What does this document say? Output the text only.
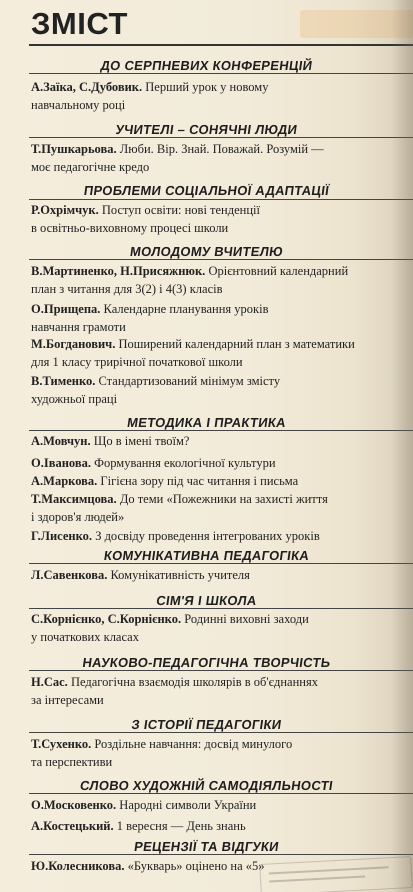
ЗМІСТ
ДО СЕРПНЕВИХ КОНФЕРЕНЦІЙ
А.Заїка, С.Дубовик. Перший урок у новому
навчальному році
УЧИТЕЛІ – СОНЯЧНІ ЛЮДИ
Т.Пушкарьова. Люби. Вір. Знай. Поважай. Розумій —
моє педагогічне кредо
ПРОБЛЕМИ СОЦІАЛЬНОЇ АДАПТАЦІЇ
Р.Охрімчук. Поступ освіти: нові тенденції
в освітньо-виховному процесі школи
МОЛОДОМУ ВЧИТЕЛЮ
В.Мартиненко, Н.Присяжнюк. Орієнтовний календарний
план з читання для 3(2) і 4(3) класів
О.Прищепа. Календарне планування уроків
навчання грамоти
М.Богданович. Поширений календарний план з математики
для 1 класу трирічної початкової школи
В.Тименко. Стандартизований мінімум змісту
художньої праці
МЕТОДИКА І ПРАКТИКА
А.Мовчун. Що в імені твоїм?
О.Іванова. Формування екологічної культури
А.Маркова. Гігієна зору під час читання і письма
Т.Максимцова. До теми «Пожежники на захисті життя
і здоров'я людей»
Г.Лисенко. З досвіду проведення інтегрованих уроків
КОМУНІКАТИВНА ПЕДАГОГІКА
Л.Савенкова. Комунікативність учителя
СІМ'Я І ШКОЛА
С.Корнієнко, С.Корнієнко. Родинні виховні заходи
у початкових класах
НАУКОВО-ПЕДАГОГІЧНА ТВОРЧІСТЬ
Н.Сас. Педагогічна взаємодія школярів в об'єднаннях
за інтересами
З ІСТОРІЇ ПЕДАГОГІКИ
Т.Сухенко. Роздільне навчання: досвід минулого
та перспективи
СЛОВО ХУДОЖНІЙ САМОДІЯЛЬНОСТІ
О.Московенко. Народні символи України
А.Костецький. 1 вересня — День знань
РЕЦЕНЗІЇ ТА ВІДГУКИ
Ю.Колесникова. «Букварь» оцінено на «5»
